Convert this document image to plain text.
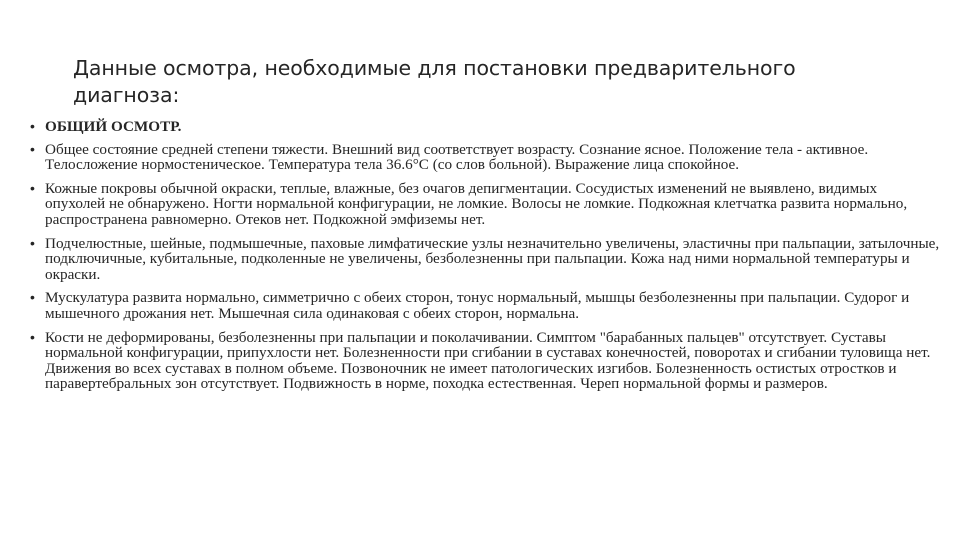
Данные осмотра, необходимые для постановки предварительного диагноза:
• ОБЩИЙ ОСМОТР.
• Общее состояние средней степени тяжести. Внешний вид соответствует возрасту. Сознание ясное. Положение тела - активное. Телосложение нормостеническое. Температура тела 36.6°С (со слов больной). Выражение лица спокойное.
• Кожные покровы обычной окраски, теплые, влажные, без очагов депигментации. Сосудистых изменений не выявлено, видимых опухолей не обнаружено. Ногти нормальной конфигурации, не ломкие. Волосы не ломкие. Подкожная клетчатка развита нормально, распространена равномерно. Отеков нет. Подкожной эмфиземы нет.
• Подчелюстные, шейные, подмышечные, паховые лимфатические узлы незначительно увеличены, эластичны при пальпации, затылочные, подключичные, кубитальные, подколенные не увеличены, безболезненны при пальпации. Кожа над ними нормальной температуры и окраски.
• Мускулатура развита нормально, симметрично с обеих сторон, тонус нормальный, мышцы безболезненны при пальпации. Судорог и мышечного дрожания нет. Мышечная сила одинаковая с обеих сторон, нормальна.
• Кости не деформированы, безболезненны при пальпации и поколачивании. Симптом "барабанных пальцев" отсутствует. Суставы нормальной конфигурации, припухлости нет. Болезненности при сгибании в суставах конечностей, поворотах и сгибании туловища нет. Движения во всех суставах в полном объеме. Позвоночник не имеет патологических изгибов. Болезненность остистых отростков и паравертебральных зон отсутствует. Подвижность в норме, походка естественная. Череп нормальной формы и размеров.
